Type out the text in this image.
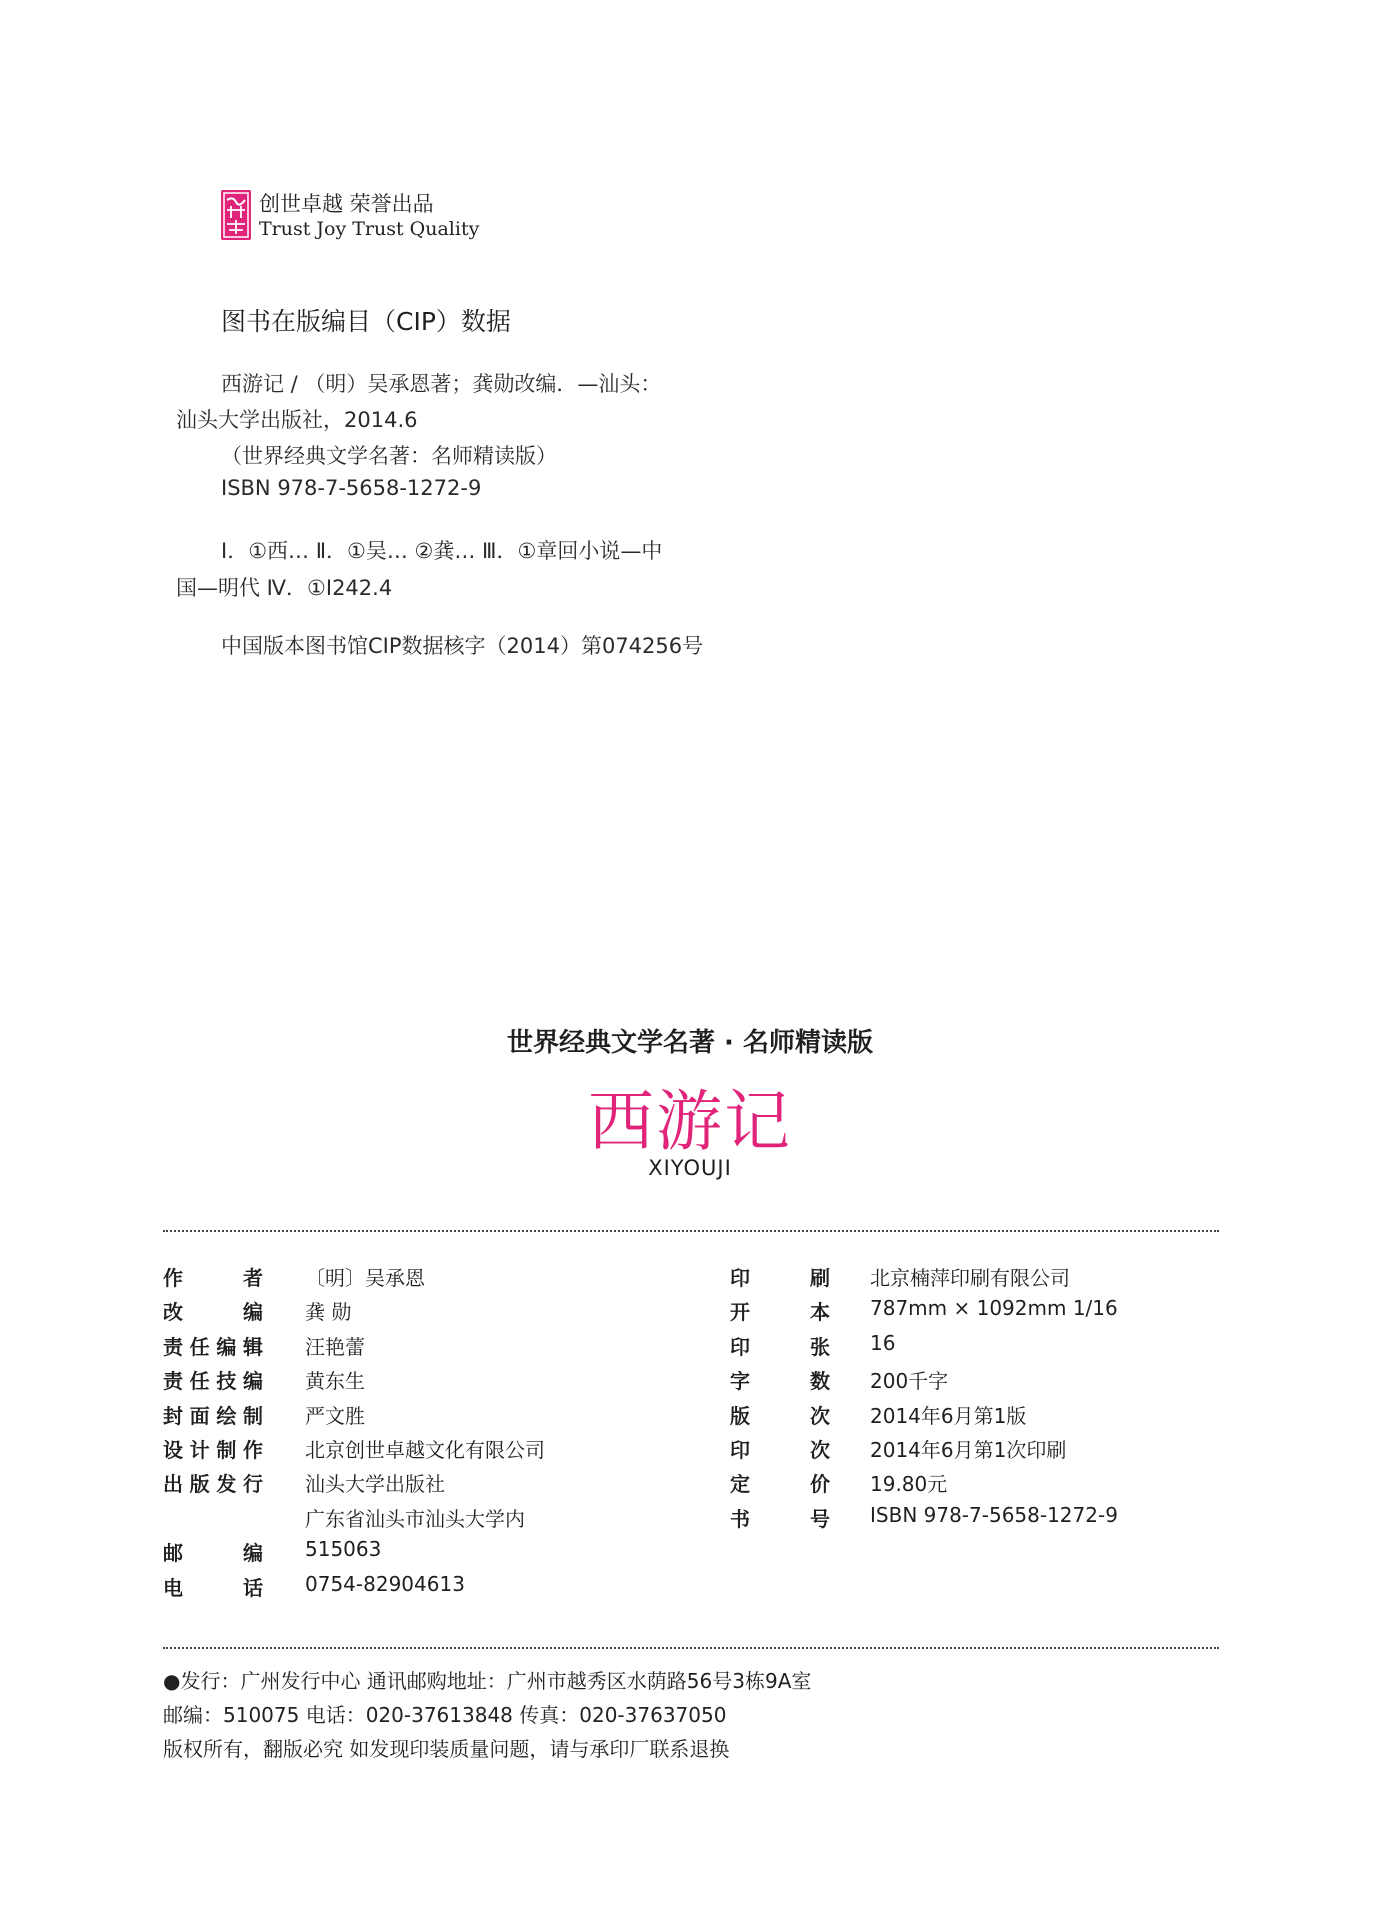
创世卓越 荣誉出品
Trust Joy Trust Quality
图书在版编目（CIP）数据
西游记 / （明）吴承恩著；龚勋改编．—汕头：
汕头大学出版社，2014.6
（世界经典文学名著：名师精读版）
ISBN 978-7-5658-1272-9
Ⅰ．①西… Ⅱ．①吴… ②龚… Ⅲ．①章回小说—中
国—明代 Ⅳ．①I242.4
中国版本图书馆CIP数据核字（2014）第074256号
世界经典文学名著 · 名师精读版
西游记
XIYOUJI
作	者 〔明〕吴承恩
改	编 龚 勋
责 任 编 辑 汪艳蕾
责 任 技 编 黄东生
封 面 绘 制 严文胜
设 计 制 作 北京创世卓越文化有限公司
出 版 发 行 汕头大学出版社
广东省汕头市汕头大学内
邮	编 515063
电	话 0754-82904613
印	刷 北京楠萍印刷有限公司
开	本 787mm × 1092mm 1/16
印	张 16
字	数 200千字
版	次 2014年6月第1版
印	次 2014年6月第1次印刷
定	价 19.80元
书	号 ISBN 978-7-5658-1272-9
●发行：广州发行中心 通讯邮购地址：广州市越秀区水荫路56号3栋9A室
邮编：510075 电话：020-37613848 传真：020-37637050
版权所有，翻版必究 如发现印装质量问题，请与承印厂联系退换
